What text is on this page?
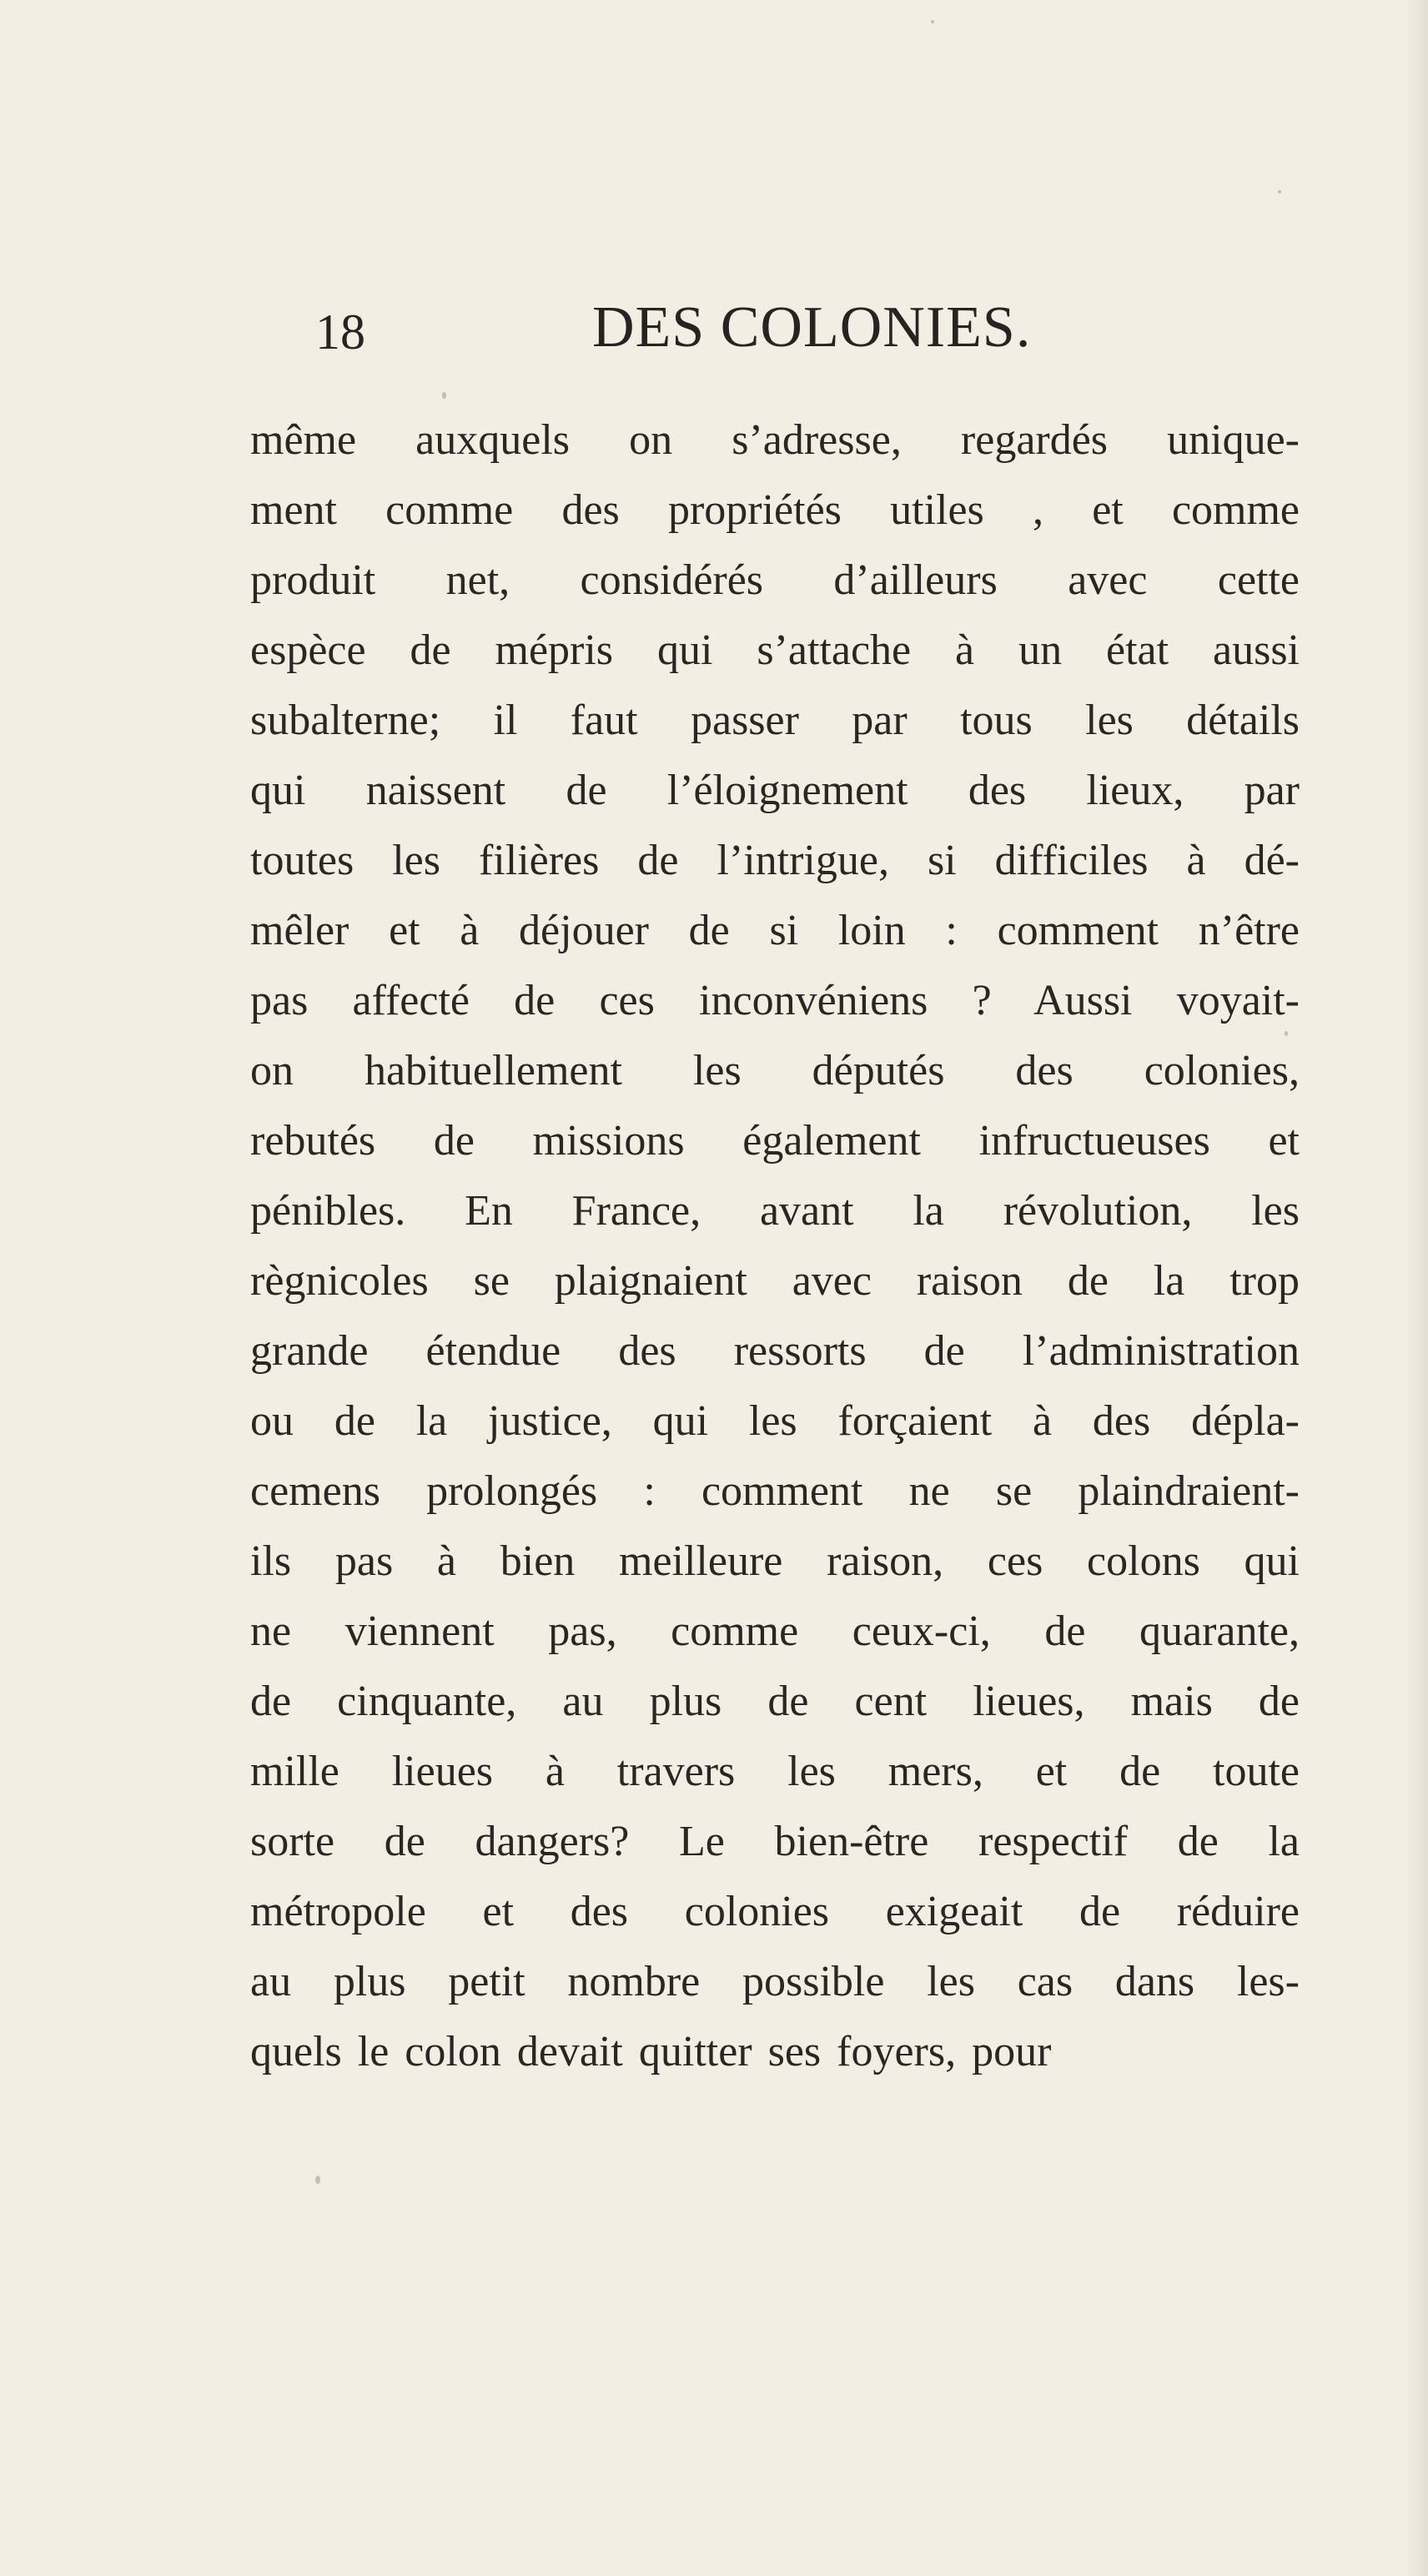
18	DES COLONIES.
même auxquels on s’adresse, regardés unique-
ment comme des propriétés utiles , et comme
produit net, considérés d’ailleurs avec cette
espèce de mépris qui s’attache à un état aussi
subalterne; il faut passer par tous les détails
qui naissent de l’éloignement des lieux, par
toutes les filières de l’intrigue, si difficiles à dé-
mêler et à déjouer de si loin : comment n’être
pas affecté de ces inconvéniens ? Aussi voyait-
on habituellement les députés des colonies,
rebutés de missions également infructueuses et
pénibles. En France, avant la révolution, les
règnicoles se plaignaient avec raison de la trop
grande étendue des ressorts de l’administration
ou de la justice, qui les forçaient à des dépla-
cemens prolongés : comment ne se plaindraient-
ils pas à bien meilleure raison, ces colons qui
ne viennent pas, comme ceux-ci, de quarante,
de cinquante, au plus de cent lieues, mais de
mille lieues à travers les mers, et de toute
sorte de dangers? Le bien-être respectif de la
métropole et des colonies exigeait de réduire
au plus petit nombre possible les cas dans les-
quels le colon devait quitter ses foyers, pour
